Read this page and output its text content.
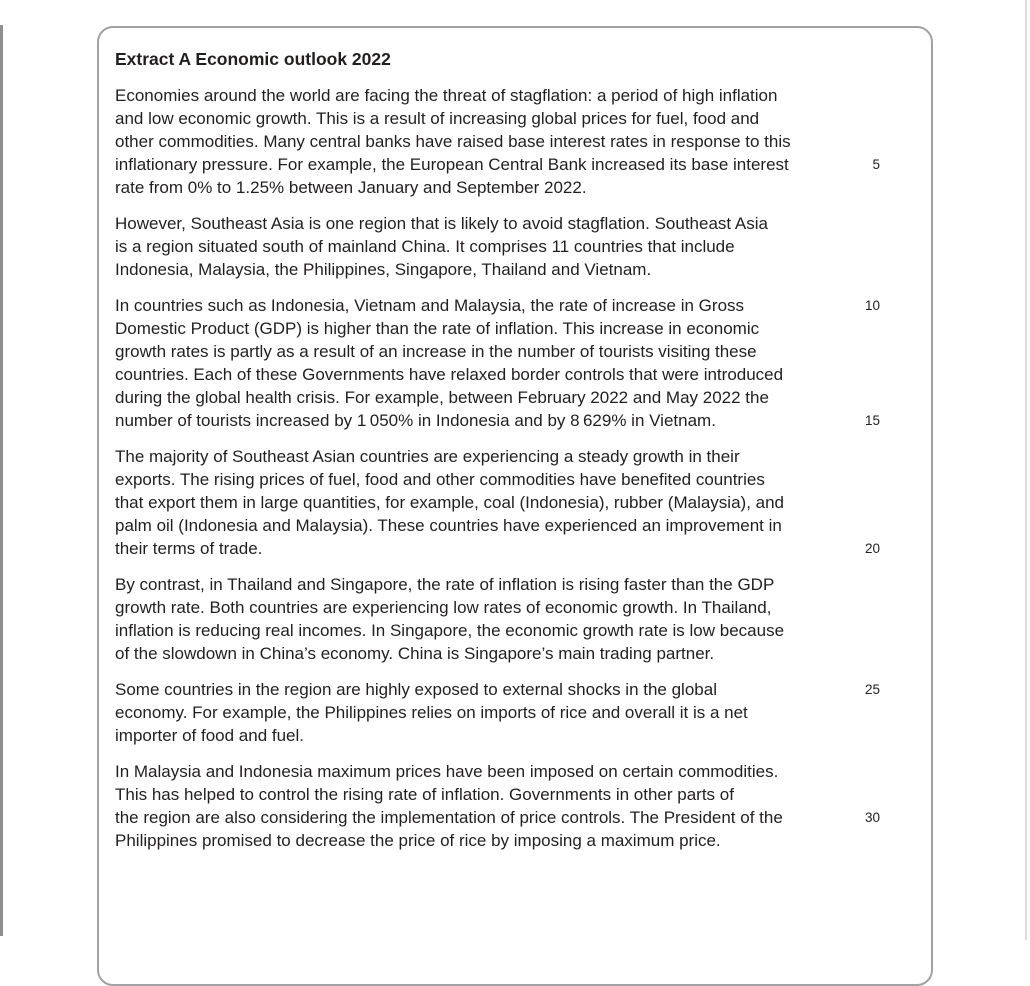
Extract A Economic outlook 2022
Economies around the world are facing the threat of stagflation: a period of high inflation
and low economic growth. This is a result of increasing global prices for fuel, food and
other commodities. Many central banks have raised base interest rates in response to this
inflationary pressure. For example, the European Central Bank increased its base interest	5
rate from 0% to 1.25% between January and September 2022.
However, Southeast Asia is one region that is likely to avoid stagflation. Southeast Asia
is a region situated south of mainland China. It comprises 11 countries that include
Indonesia, Malaysia, the Philippines, Singapore, Thailand and Vietnam.
In countries such as Indonesia, Vietnam and Malaysia, the rate of increase in Gross	10
Domestic Product (GDP) is higher than the rate of inflation. This increase in economic
growth rates is partly as a result of an increase in the number of tourists visiting these
countries. Each of these Governments have relaxed border controls that were introduced
during the global health crisis. For example, between February 2022 and May 2022 the
number of tourists increased by 1 050% in Indonesia and by 8 629% in Vietnam.	15
The majority of Southeast Asian countries are experiencing a steady growth in their
exports. The rising prices of fuel, food and other commodities have benefited countries
that export them in large quantities, for example, coal (Indonesia), rubber (Malaysia), and
palm oil (Indonesia and Malaysia). These countries have experienced an improvement in
their terms of trade.	20
By contrast, in Thailand and Singapore, the rate of inflation is rising faster than the GDP
growth rate. Both countries are experiencing low rates of economic growth. In Thailand,
inflation is reducing real incomes. In Singapore, the economic growth rate is low because
of the slowdown in China’s economy. China is Singapore’s main trading partner.
Some countries in the region are highly exposed to external shocks in the global	25
economy. For example, the Philippines relies on imports of rice and overall it is a net
importer of food and fuel.
In Malaysia and Indonesia maximum prices have been imposed on certain commodities.
This has helped to control the rising rate of inflation. Governments in other parts of
the region are also considering the implementation of price controls. The President of the	30
Philippines promised to decrease the price of rice by imposing a maximum price.
